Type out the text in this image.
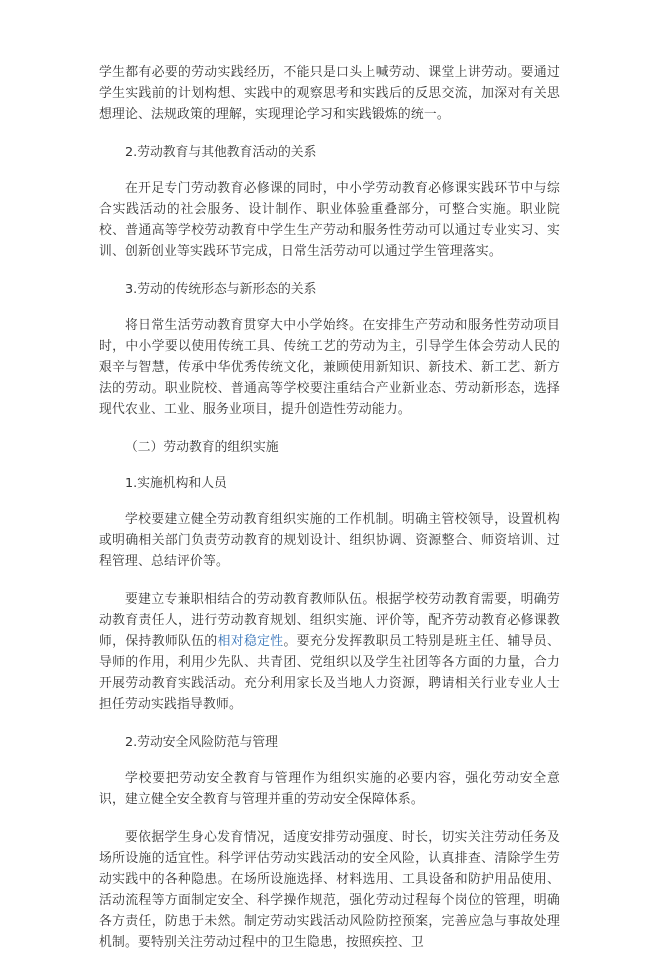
学生都有必要的劳动实践经历，不能只是口头上喊劳动、课堂上讲劳动。要通过学生实践前的计划构想、实践中的观察思考和实践后的反思交流，加深对有关思想理论、法规政策的理解，实现理论学习和实践锻炼的统一。

2.劳动教育与其他教育活动的关系

在开足专门劳动教育必修课的同时，中小学劳动教育必修课实践环节中与综合实践活动的社会服务、设计制作、职业体验重叠部分，可整合实施。职业院校、普通高等学校劳动教育中学生生产劳动和服务性劳动可以通过专业实习、实训、创新创业等实践环节完成，日常生活劳动可以通过学生管理落实。

3.劳动的传统形态与新形态的关系

将日常生活劳动教育贯穿大中小学始终。在安排生产劳动和服务性劳动项目时，中小学要以使用传统工具、传统工艺的劳动为主，引导学生体会劳动人民的艰辛与智慧，传承中华优秀传统文化，兼顾使用新知识、新技术、新工艺、新方法的劳动。职业院校、普通高等学校要注重结合产业新业态、劳动新形态，选择现代农业、工业、服务业项目，提升创造性劳动能力。

（二）劳动教育的组织实施

1.实施机构和人员

学校要建立健全劳动教育组织实施的工作机制。明确主管校领导，设置机构或明确相关部门负责劳动教育的规划设计、组织协调、资源整合、师资培训、过程管理、总结评价等。

要建立专兼职相结合的劳动教育教师队伍。根据学校劳动教育需要，明确劳动教育责任人，进行劳动教育规划、组织实施、评价等，配齐劳动教育必修课教师，保持教师队伍的相对稳定性。要充分发挥教职员工特别是班主任、辅导员、导师的作用，利用少先队、共青团、党组织以及学生社团等各方面的力量，合力开展劳动教育实践活动。充分利用家长及当地人力资源，聘请相关行业专业人士担任劳动实践指导教师。

2.劳动安全风险防范与管理

学校要把劳动安全教育与管理作为组织实施的必要内容，强化劳动安全意识，建立健全安全教育与管理并重的劳动安全保障体系。

要依据学生身心发育情况，适度安排劳动强度、时长，切实关注劳动任务及场所设施的适宜性。科学评估劳动实践活动的安全风险，认真排查、清除学生劳动实践中的各种隐患。在场所设施选择、材料选用、工具设备和防护用品使用、活动流程等方面制定安全、科学操作规范，强化劳动过程每个岗位的管理，明确各方责任，防患于未然。制定劳动实践活动风险防控预案，完善应急与事故处理机制。要特别关注劳动过程中的卫生隐患，按照疾控、卫
